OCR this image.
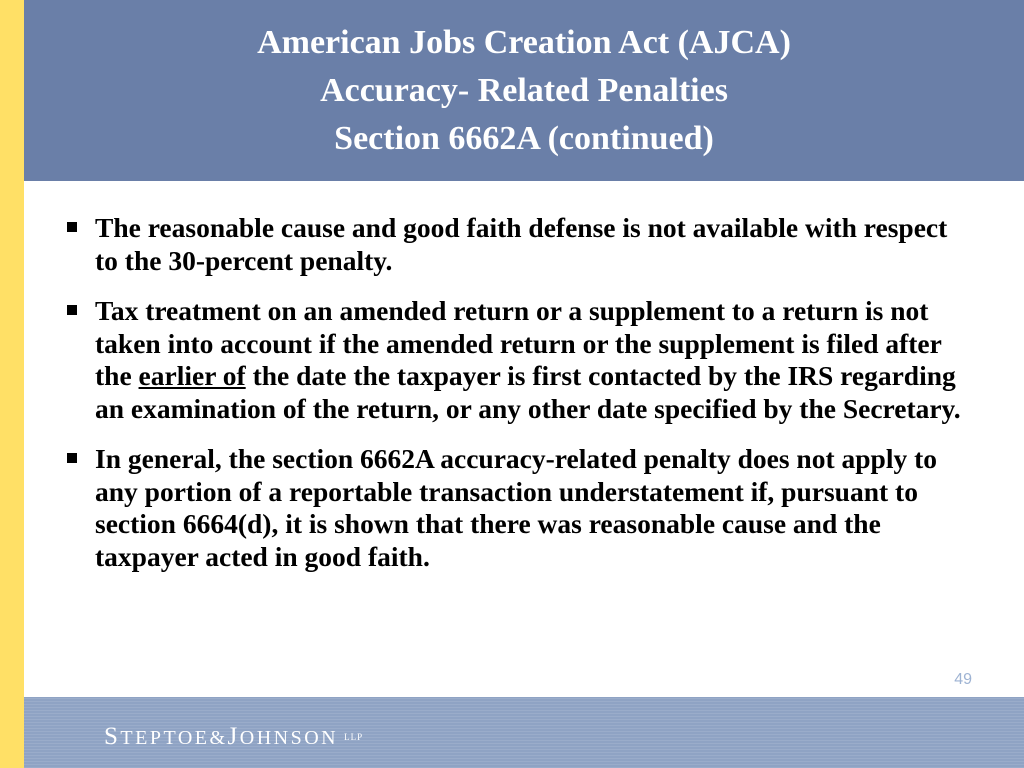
American Jobs Creation Act (AJCA)
Accuracy- Related Penalties
Section 6662A (continued)
The reasonable cause and good faith defense is not available with respect to the 30-percent penalty.
Tax treatment on an amended return or a supplement to a return is not taken into account if the amended return or the supplement is filed after the earlier of the date the taxpayer is first contacted by the IRS regarding an examination of the return, or any other date specified by the Secretary.
In general, the section 6662A accuracy-related penalty does not apply to any portion of a reportable transaction understatement if, pursuant to section 6664(d), it is shown that there was reasonable cause and the taxpayer acted in good faith.
49
STEPTOE&JOHNSON $^{LLP}$
